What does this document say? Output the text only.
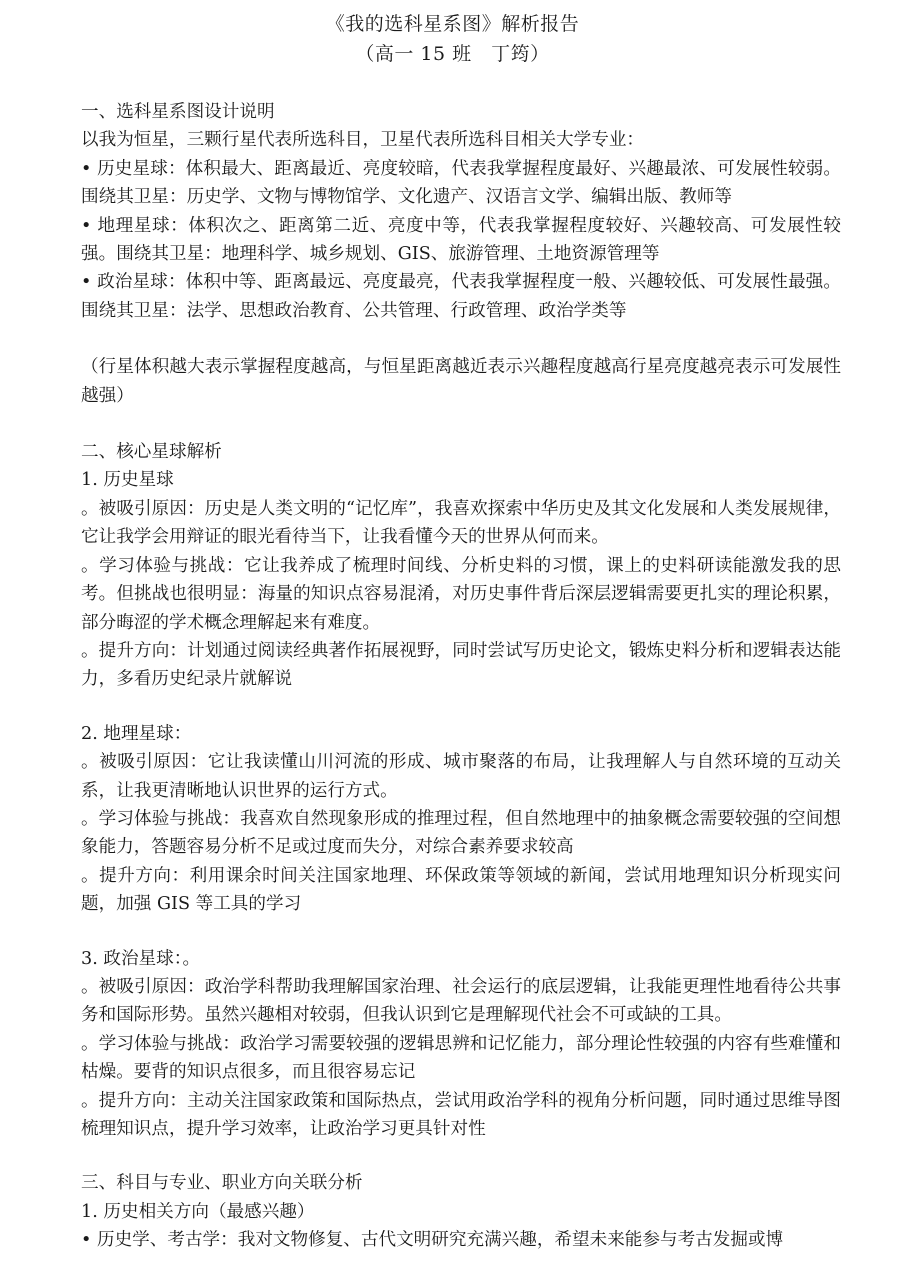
《我的选科星系图》解析报告
（高一 15 班　丁筠）

一、选科星系图设计说明

以我为恒星，三颗行星代表所选科目，卫星代表所选科目相关大学专业：

• 历史星球：体积最大、距离最近、亮度较暗，代表我掌握程度最好、兴趣最浓、可发展性较弱。围绕其卫星：历史学、文物与博物馆学、文化遗产、汉语言文学、编辑出版、教师等

• 地理星球：体积次之、距离第二近、亮度中等，代表我掌握程度较好、兴趣较高、可发展性较强。围绕其卫星：地理科学、城乡规划、GIS、旅游管理、土地资源管理等

• 政治星球：体积中等、距离最远、亮度最亮，代表我掌握程度一般、兴趣较低、可发展性最强。围绕其卫星：法学、思想政治教育、公共管理、行政管理、政治学类等

（行星体积越大表示掌握程度越高，与恒星距离越近表示兴趣程度越高行星亮度越亮表示可发展性越强）

二、核心星球解析

1. 历史星球

。被吸引原因：历史是人类文明的“记忆库”，我喜欢探索中华历史及其文化发展和人类发展规律，它让我学会用辩证的眼光看待当下，让我看懂今天的世界从何而来。

。学习体验与挑战：它让我养成了梳理时间线、分析史料的习惯，课上的史料研读能激发我的思考。但挑战也很明显：海量的知识点容易混淆，对历史事件背后深层逻辑需要更扎实的理论积累，部分晦涩的学术概念理解起来有难度。

。提升方向：计划通过阅读经典著作拓展视野，同时尝试写历史论文，锻炼史料分析和逻辑表达能力，多看历史纪录片就解说

2. 地理星球：

。被吸引原因：它让我读懂山川河流的形成、城市聚落的布局，让我理解人与自然环境的互动关系，让我更清晰地认识世界的运行方式。

。学习体验与挑战：我喜欢自然现象形成的推理过程，但自然地理中的抽象概念需要较强的空间想象能力，答题容易分析不足或过度而失分，对综合素养要求较高

。提升方向：利用课余时间关注国家地理、环保政策等领域的新闻，尝试用地理知识分析现实问题，加强 GIS 等工具的学习

3. 政治星球：。

。被吸引原因：政治学科帮助我理解国家治理、社会运行的底层逻辑，让我能更理性地看待公共事务和国际形势。虽然兴趣相对较弱，但我认识到它是理解现代社会不可或缺的工具。

。学习体验与挑战：政治学习需要较强的逻辑思辨和记忆能力，部分理论性较强的内容有些难懂和枯燥。要背的知识点很多，而且很容易忘记

。提升方向：主动关注国家政策和国际热点，尝试用政治学科的视角分析问题，同时通过思维导图梳理知识点，提升学习效率，让政治学习更具针对性

三、科目与专业、职业方向关联分析

1. 历史相关方向（最感兴趣）

• 历史学、考古学：我对文物修复、古代文明研究充满兴趣，希望未来能参与考古发掘或博
